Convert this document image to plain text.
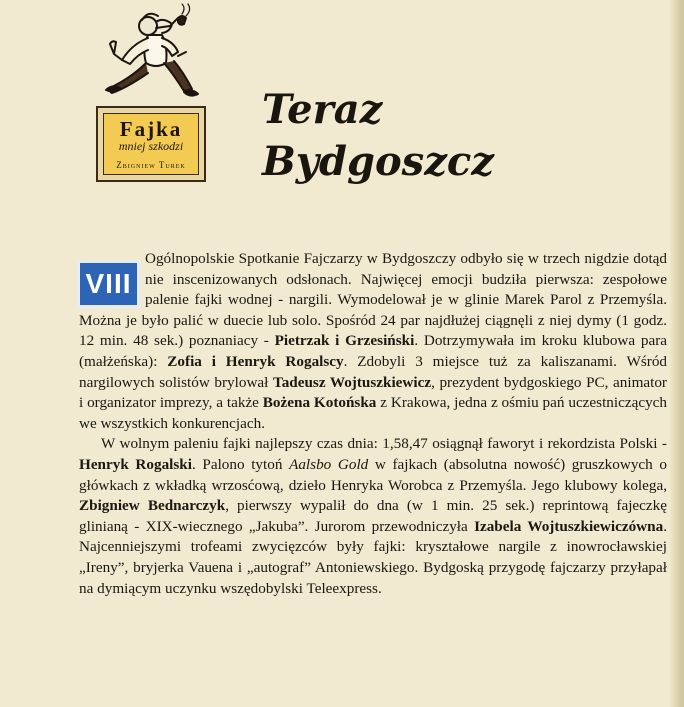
Fajka
mniej szkodzi
Zbigniew Turek
Teraz
Bydgoszcz
VIII

Ogólnopolskie Spotkanie Fajczarzy w Bydgoszczy odbyło się w trzech nigdzie dotąd nie inscenizowanych odsłonach. Najwięcej emocji budziła pierwsza: zespołowe palenie fajki wodnej - nargili. Wymodelował je w glinie Marek Parol z Przemyśla. Można je było palić w duecie lub solo. Spośród 24 par najdłużej ciągnęli z niej dymy (1 godz. 12 min. 48 sek.) poznaniacy - Pietrzak i Grzesiński. Dotrzymywała im kroku klubowa para (małżeńska): Zofia i Henryk Rogalscy. Zdobyli 3 miejsce tuż za kaliszanami. Wśród nargilowych solistów brylował Tadeusz Wojtuszkiewicz, prezydent bydgoskiego PC, animator i organizator imprezy, a także Bożena Kotońska z Krakowa, jedna z ośmiu pań uczestniczących we wszystkich konkurencjach.

W wolnym paleniu fajki najlepszy czas dnia: 1,58,47 osiągnął faworyt i rekordzista Polski - Henryk Rogalski. Palono tytoń Aalsbo Gold w fajkach (absolutna nowość) gruszkowych o główkach z wkładką wrzosćową, dzieło Henryka Worobca z Przemyśla. Jego klubowy kolega, Zbigniew Bednarczyk, pierwszy wypalił do dna (w 1 min. 25 sek.) reprintową fajeczkę glinianą - XIX-wiecznego „Jakuba”. Jurorom przewodniczyła Izabela Wojtuszkiewiczówna. Najcenniejszymi trofeami zwycięzców były fajki: kryształowe nargile z inowrocławskiej „Ireny”, bryjerka Vauena i „autograf” Antoniewskiego. Bydgoską przygodę fajczarzy przyłapał na dymiącym uczynku wszędobylski Teleexpress.
